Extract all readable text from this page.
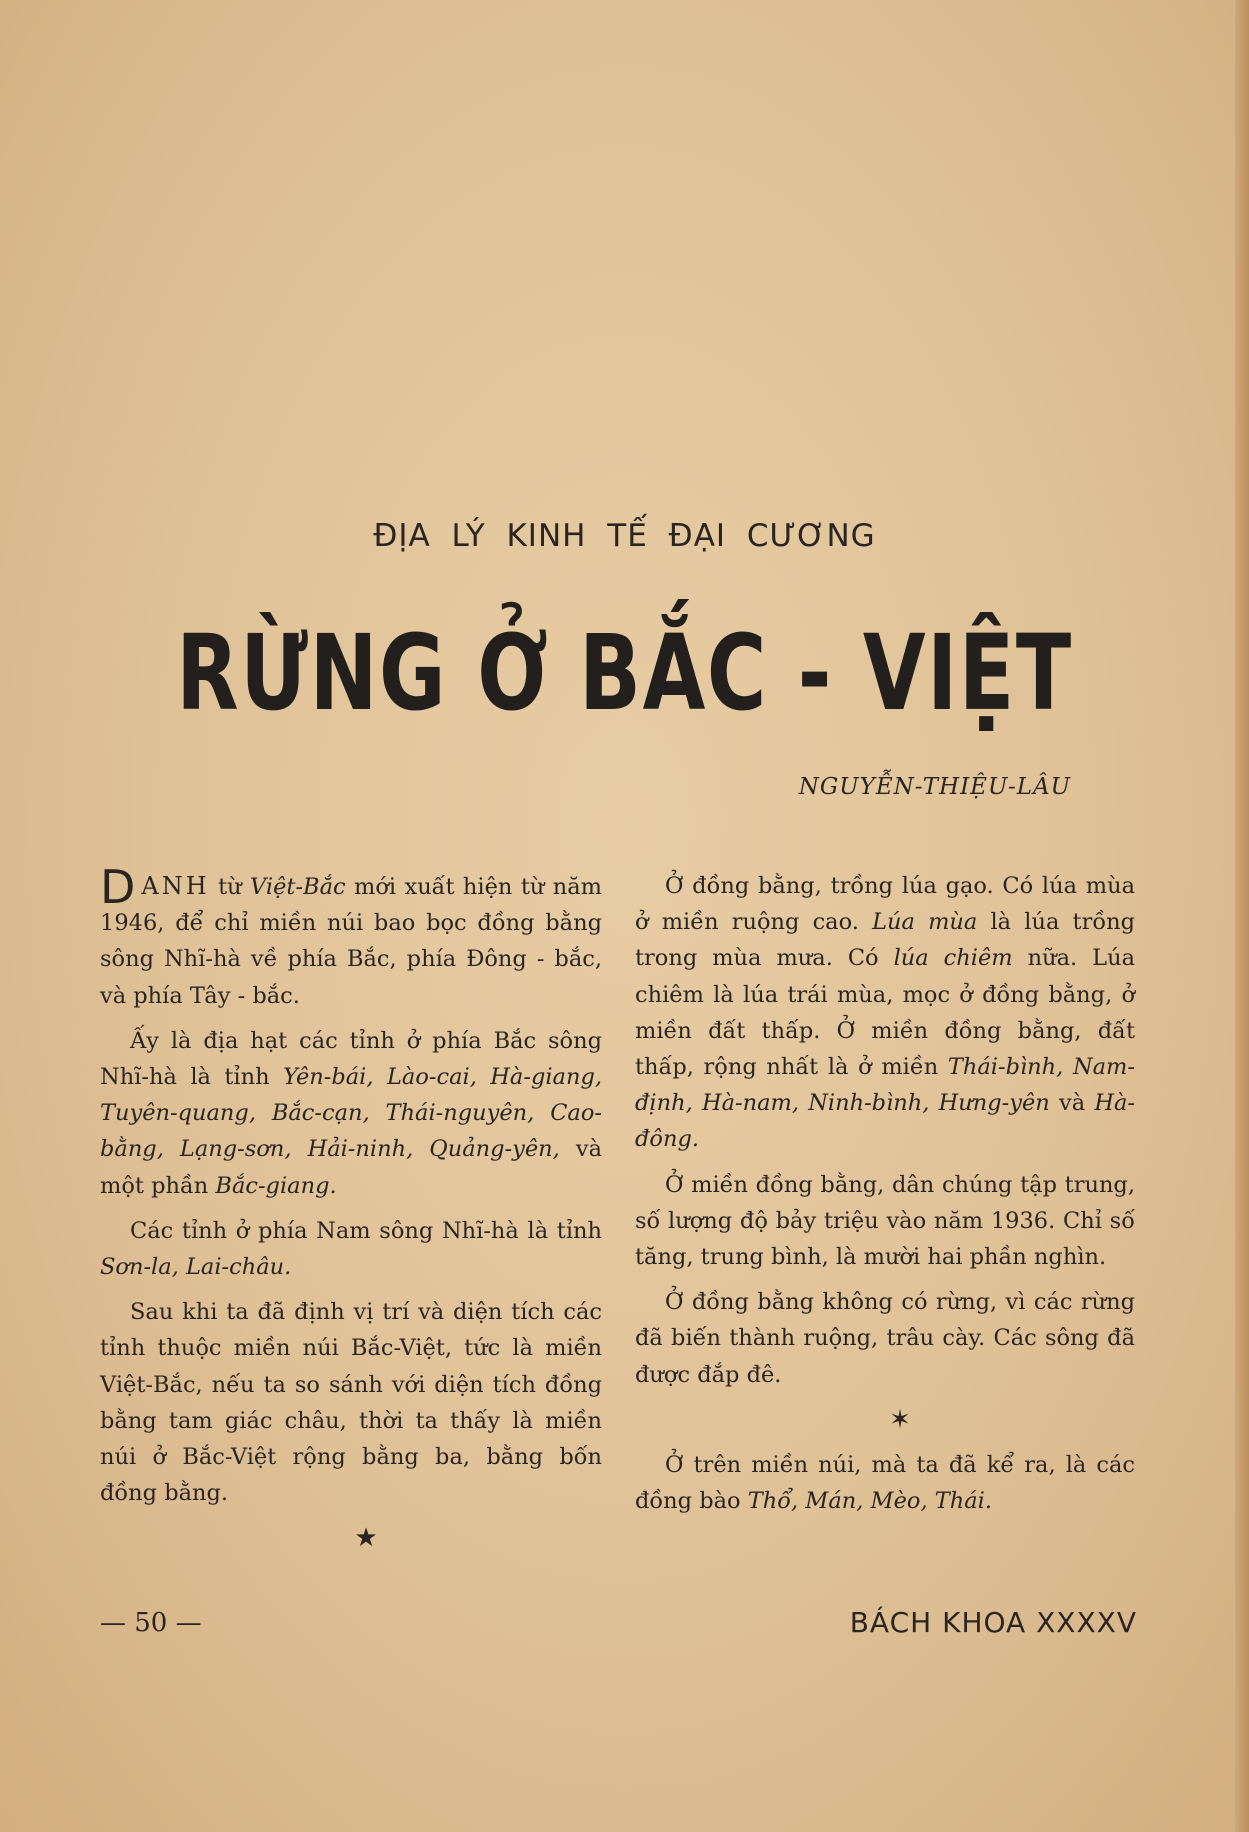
ĐỊA LÝ KINH TẾ ĐẠI CƯƠNG
RỪNG Ở BẮC - VIỆT
NGUYỄN-THIỆU-LÂU

DANH từ Việt-Bắc mới xuất hiện từ năm 1946, để chỉ miền núi bao bọc đồng bằng sông Nhĩ-hà về phía Bắc, phía Đông - bắc, và phía Tây - bắc.

Ấy là địa hạt các tỉnh ở phía Bắc sông Nhĩ-hà là tỉnh Yên-bái, Lào-cai, Hà-giang, Tuyên-quang, Bắc-cạn, Thái-nguyên, Cao-bằng, Lạng-sơn, Hải-ninh, Quảng-yên, và một phần Bắc-giang.

Các tỉnh ở phía Nam sông Nhĩ-hà là tỉnh Sơn-la, Lai-châu.

Sau khi ta đã định vị trí và diện tích các tỉnh thuộc miền núi Bắc-Việt, tức là miền Việt-Bắc, nếu ta so sánh với diện tích đồng bằng tam giác châu, thời ta thấy là miền núi ở Bắc-Việt rộng bằng ba, bằng bốn đồng bằng.

★

Ở đồng bằng, trồng lúa gạo. Có lúa mùa ở miền ruộng cao. Lúa mùa là lúa trồng trong mùa mưa. Có lúa chiêm nữa. Lúa chiêm là lúa trái mùa, mọc ở đồng bằng, ở miền đất thấp. Ở miền đồng bằng, đất thấp, rộng nhất là ở miền Thái-bình, Nam-định, Hà-nam, Ninh-bình, Hưng-yên và Hà-đông.

Ở miền đồng bằng, dân chúng tập trung, số lượng độ bảy triệu vào năm 1936. Chỉ số tăng, trung bình, là mười hai phần nghìn.

Ở đồng bằng không có rừng, vì các rừng đã biến thành ruộng, trâu cày. Các sông đã được đắp đê.

✶

Ở trên miền núi, mà ta đã kể ra, là các đồng bào Thổ, Mán, Mèo, Thái.

— 50 —	BÁCH KHOA XXXXV
